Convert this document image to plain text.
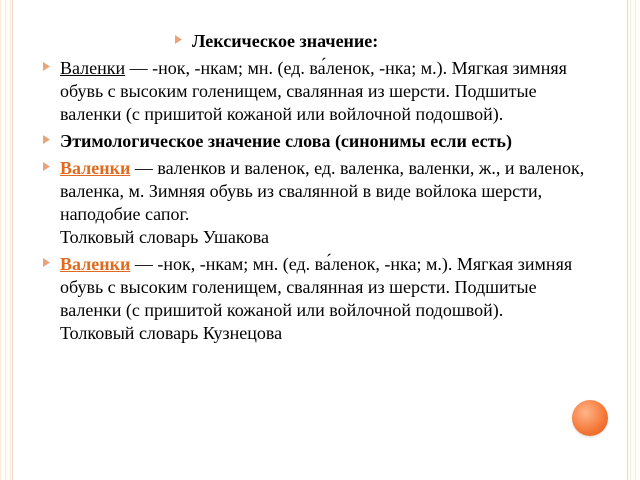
Лексическое значение:
Валенки — -нок, -нкам; мн. (ед. ва́ленок, -нка; м.). Мягкая зимняя обувь с высоким голенищем, свалянная из шерсти. Подшитые валенки (с пришитой кожаной или войлочной подошвой).
Этимологическое значение слова (синонимы если есть)
Валенки — валенков и валенок, ед. валенка, валенки, ж., и валенок, валенка, м. Зимняя обувь из свалянной в виде войлока шерсти, наподобие сапог.
Толковый словарь Ушакова
Валенки — -нок, -нкам; мн. (ед. ва́ленок, -нка; м.). Мягкая зимняя обувь с высоким голенищем, свалянная из шерсти. Подшитые валенки (с пришитой кожаной или войлочной подошвой).
Толковый словарь Кузнецова
